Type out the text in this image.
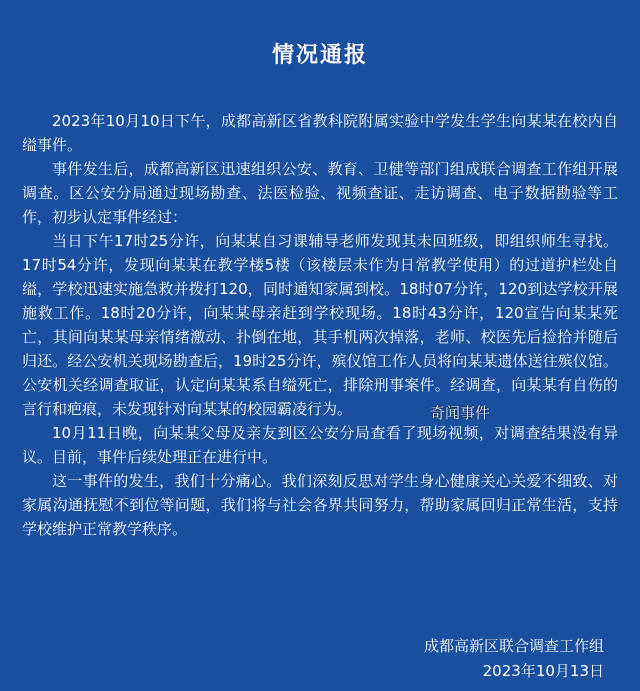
情况通报

2023年10月10日下午，成都高新区省教科院附属实验中学发生学生向某某在校内自缢事件。

事件发生后，成都高新区迅速组织公安、教育、卫健等部门组成联合调查工作组开展调查。区公安分局通过现场勘查、法医检验、视频查证、走访调查、电子数据勘验等工作，初步认定事件经过：

当日下午17时25分许，向某某自习课辅导老师发现其未回班级，即组织师生寻找。17时54分许，发现向某某在教学楼5楼（该楼层未作为日常教学使用）的过道护栏处自缢，学校迅速实施急救并拨打120，同时通知家属到校。18时07分许，120到达学校开展施救工作。18时20分许，向某某母亲赶到学校现场。18时43分许，120宣告向某某死亡，其间向某某母亲情绪激动、扑倒在地，其手机两次掉落，老师、校医先后捡拾并随后归还。经公安机关现场勘查后，19时25分许，殡仪馆工作人员将向某某遗体送往殡仪馆。公安机关经调查取证，认定向某某系自缢死亡，排除刑事案件。经调查，向某某有自伤的言行和疤痕，未发现针对向某某的校园霸凌行为。

10月11日晚，向某某父母及亲友到区公安分局查看了现场视频，对调查结果没有异议。目前，事件后续处理正在进行中。

这一事件的发生，我们十分痛心。我们深刻反思对学生身心健康关心关爱不细致、对家属沟通抚慰不到位等问题，我们将与社会各界共同努力，帮助家属回归正常生活，支持学校维护正常教学秩序。

奇闻事件
成都高新区联合调查工作组
2023年10月13日
